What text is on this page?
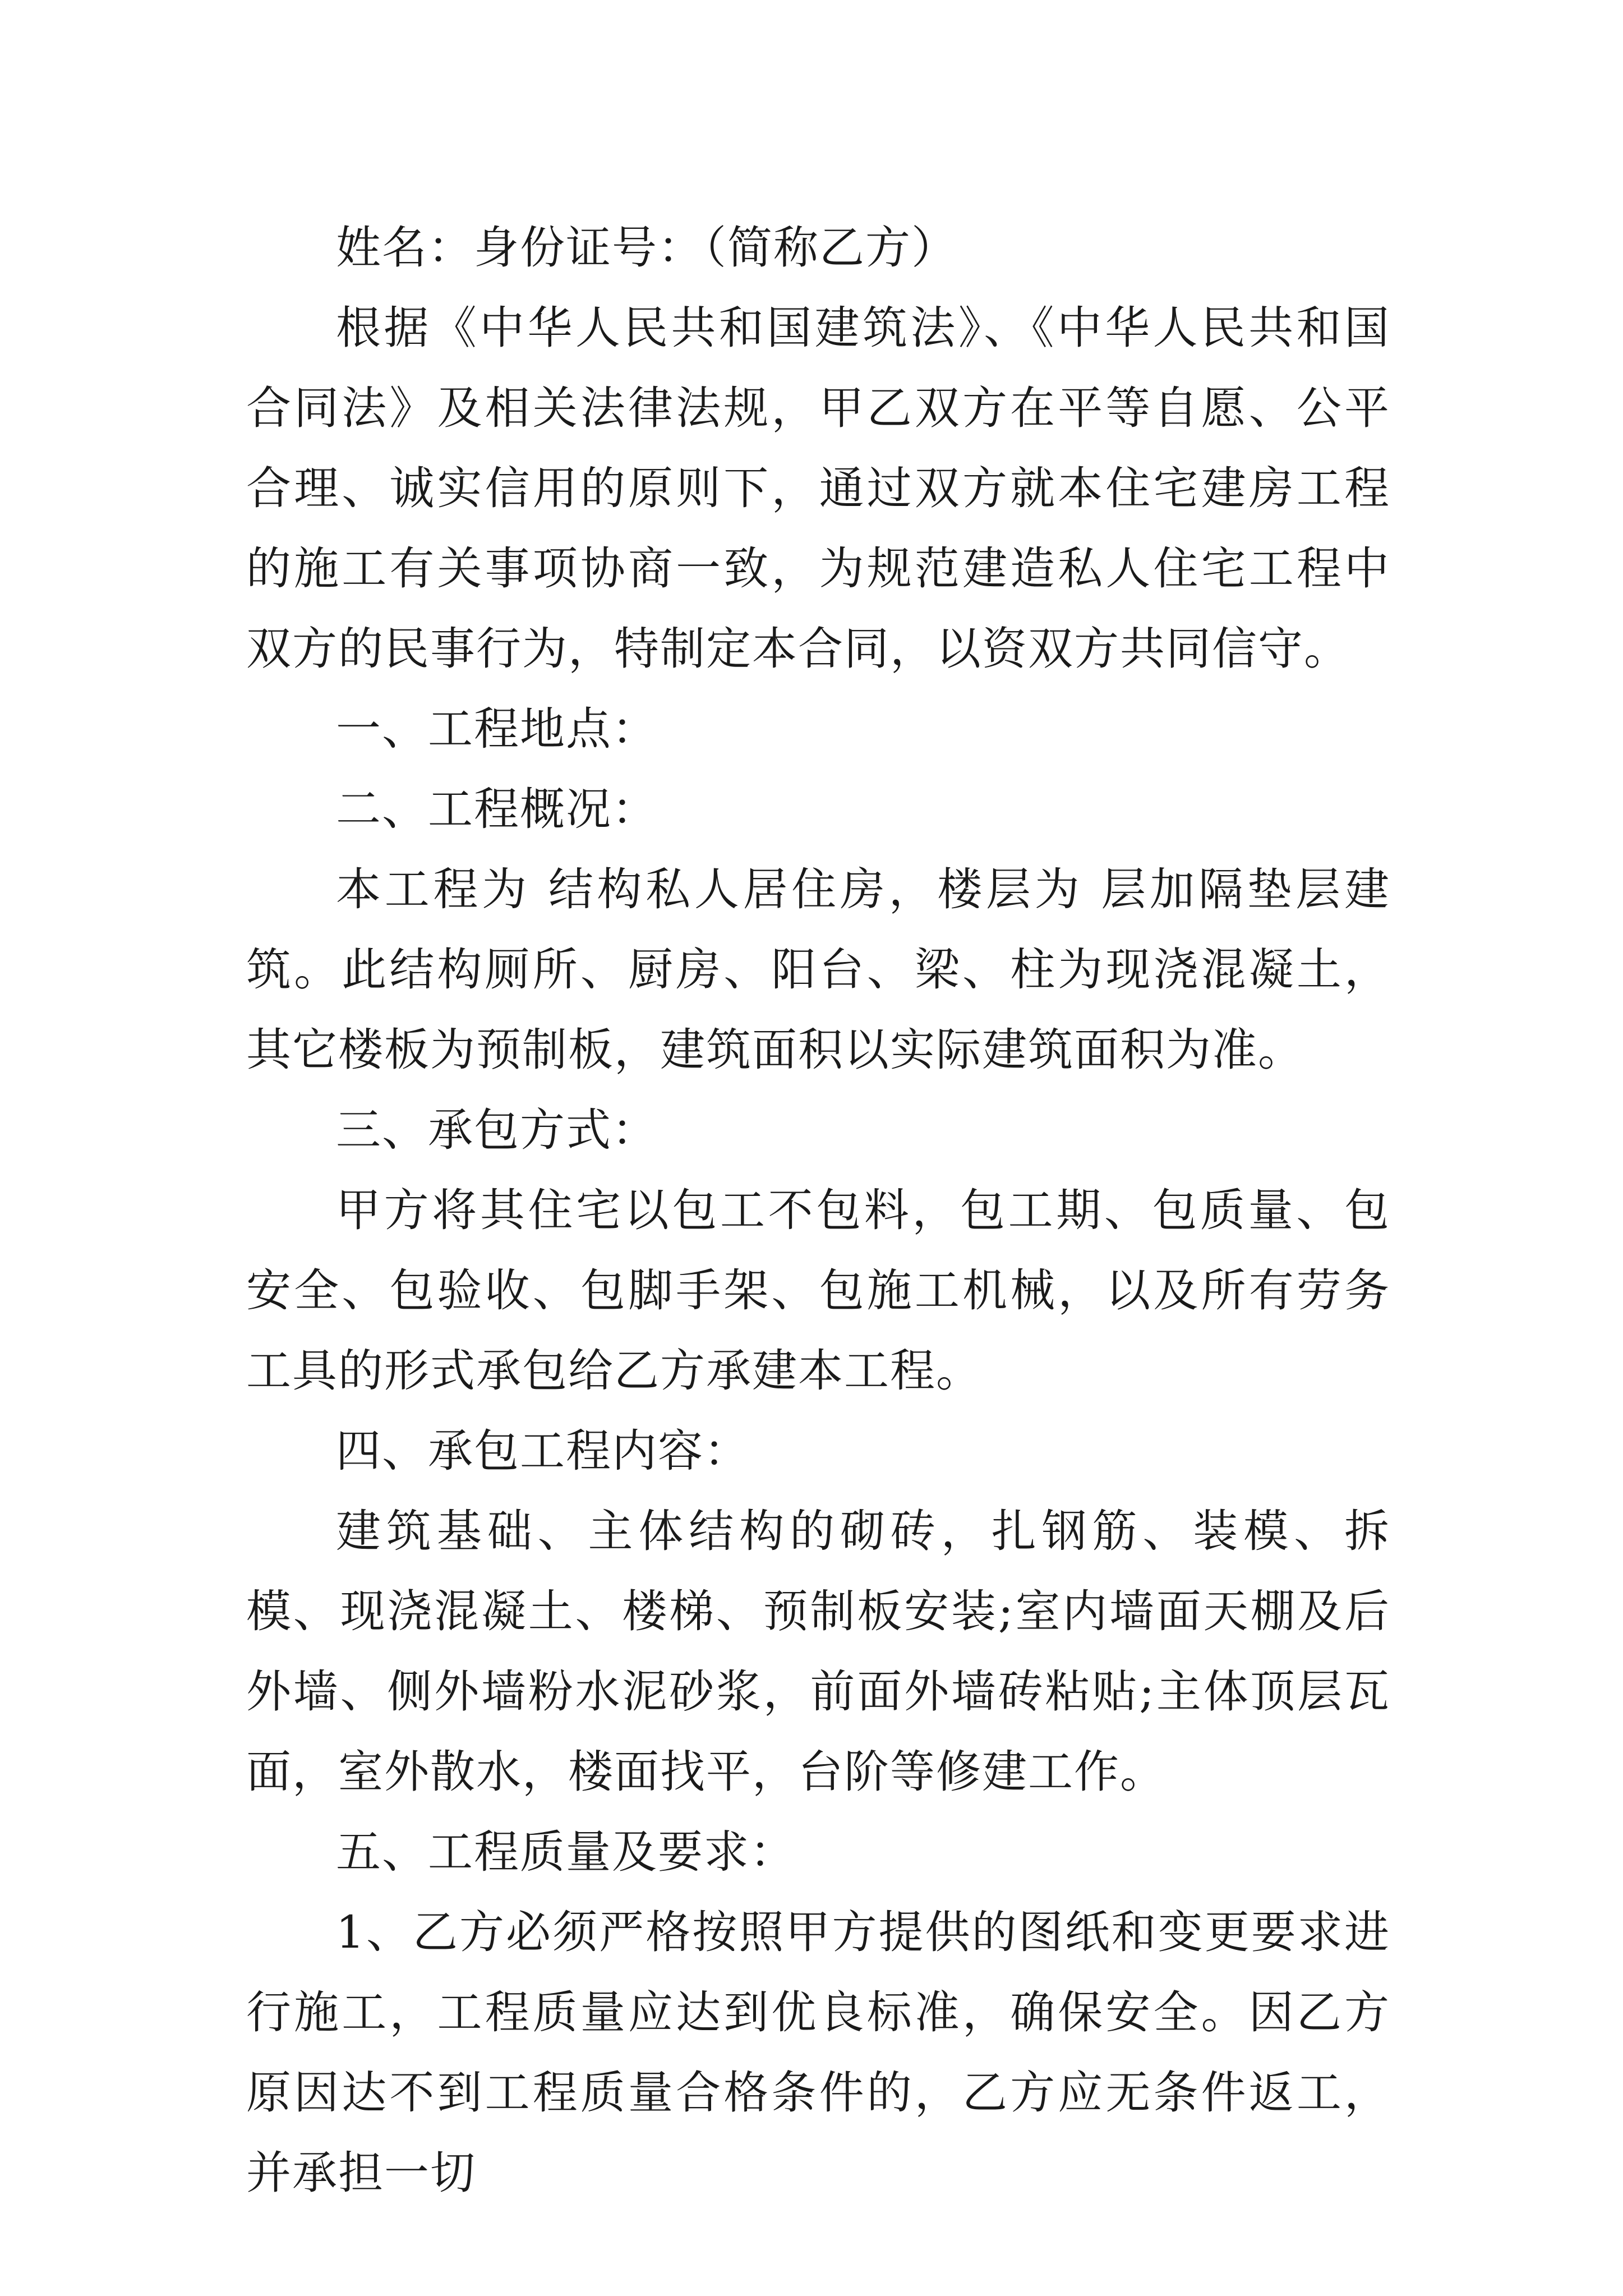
姓名：身份证号：（简称乙方）

根据《中华人民共和国建筑法》、《中华人民共和国合同法》及相关法律法规，甲乙双方在平等自愿、公平合理、诚实信用的原则下，通过双方就本住宅建房工程的施工有关事项协商一致，为规范建造私人住宅工程中双方的民事行为，特制定本合同，以资双方共同信守。

一、工程地点：

二、工程概况：

本工程为 结构私人居住房，楼层为 层加隔垫层建筑。此结构厕所、厨房、阳台、梁、柱为现浇混凝土，其它楼板为预制板，建筑面积以实际建筑面积为准。

三、承包方式：

甲方将其住宅以包工不包料，包工期、包质量、包安全、包验收、包脚手架、包施工机械，以及所有劳务工具的形式承包给乙方承建本工程。

四、承包工程内容：

建筑基础、主体结构的砌砖，扎钢筋、装模、拆模、现浇混凝土、楼梯、预制板安装;室内墙面天棚及后外墙、侧外墙粉水泥砂浆，前面外墙砖粘贴;主体顶层瓦面，室外散水，楼面找平，台阶等修建工作。

五、工程质量及要求：

1、乙方必须严格按照甲方提供的图纸和变更要求进行施工，工程质量应达到优良标准，确保安全。因乙方原因达不到工程质量合格条件的，乙方应无条件返工，并承担一切
